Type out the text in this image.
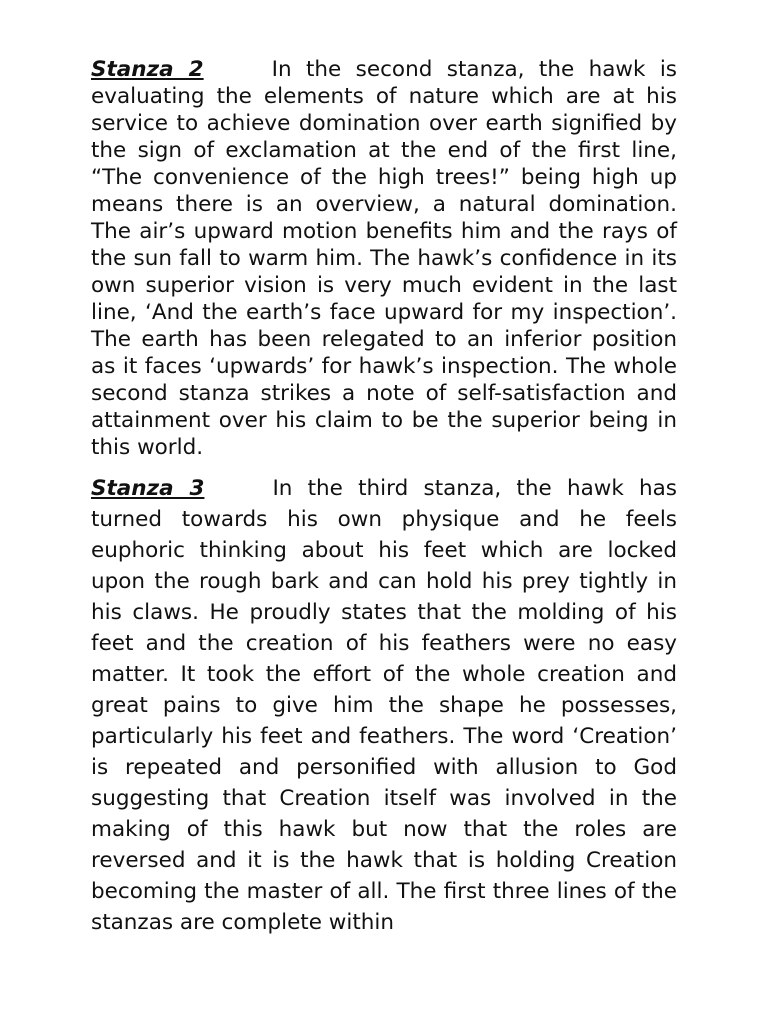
Stanza 2	In the second stanza, the hawk is evaluating the elements of nature which are at his service to achieve domination over earth signified by the sign of exclamation at the end of the first line, “The convenience of the high trees!” being high up means there is an overview, a natural domination. The air’s upward motion benefits him and the rays of the sun fall to warm him. The hawk’s confidence in its own superior vision is very much evident in the last line, ‘And the earth’s face upward for my inspection’. The earth has been relegated to an inferior position as it faces ‘upwards’ for hawk’s inspection. The whole second stanza strikes a note of self-satisfaction and attainment over his claim to be the superior being in this world.

Stanza 3	In the third stanza, the hawk has turned towards his own physique and he feels euphoric thinking about his feet which are locked upon the rough bark and can hold his prey tightly in his claws. He proudly states that the molding of his feet and the creation of his feathers were no easy matter. It took the effort of the whole creation and great pains to give him the shape he possesses, particularly his feet and feathers. The word ‘Creation’ is repeated and personified with allusion to God suggesting that Creation itself was involved in the making of this hawk but now that the roles are reversed and it is the hawk that is holding Creation becoming the master of all. The first three lines of the stanzas are complete within
